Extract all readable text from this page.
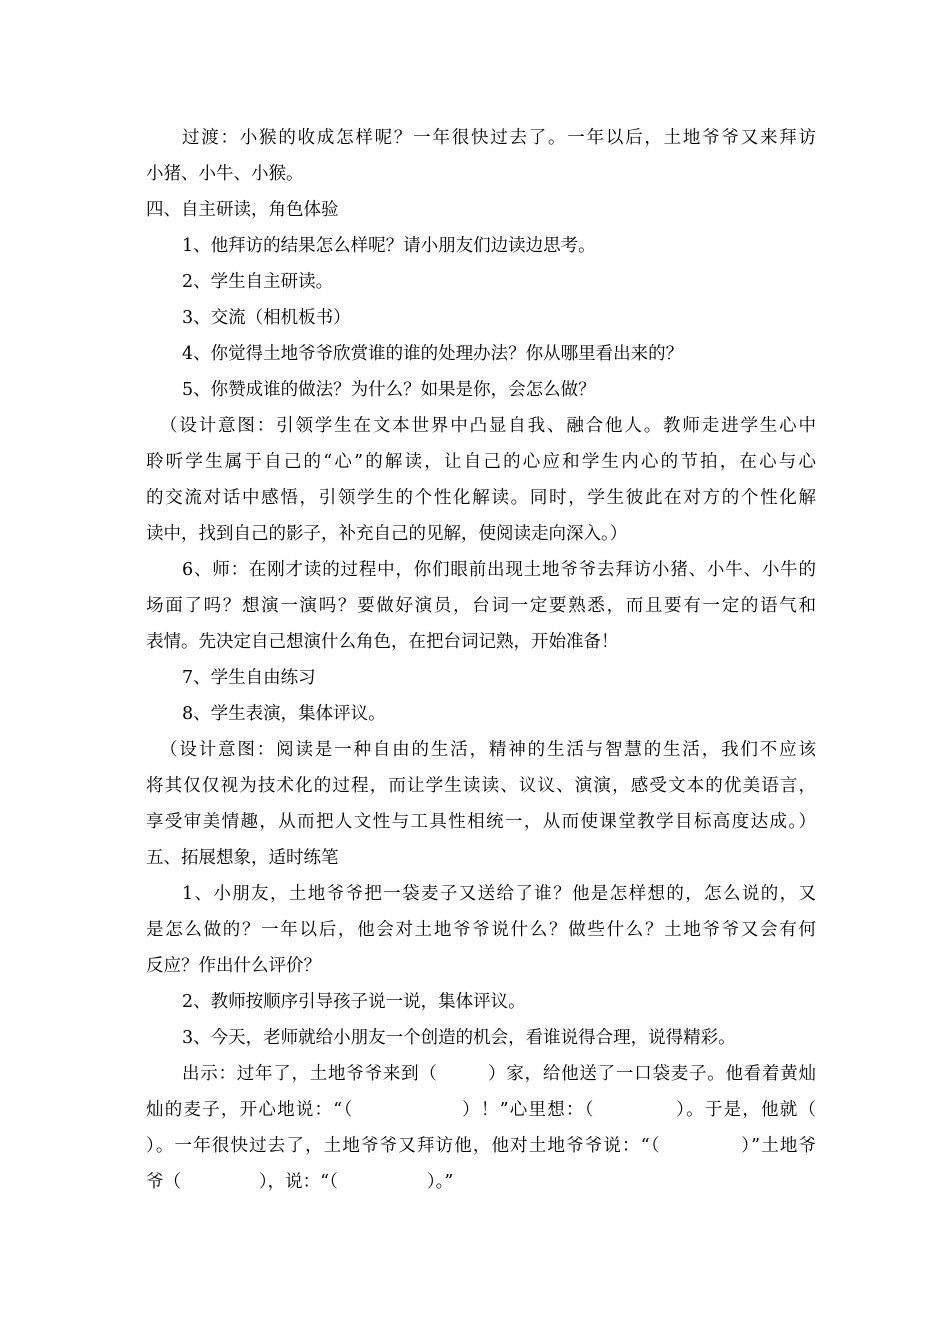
过渡：小猴的收成怎样呢？一年很快过去了。一年以后，土地爷爷又来拜访
小猪、小牛、小猴。
四、自主研读，角色体验
1、他拜访的结果怎么样呢？请小朋友们边读边思考。
2、学生自主研读。
3、交流（相机板书）
4、你觉得土地爷爷欣赏谁的谁的处理办法？你从哪里看出来的？
5、你赞成谁的做法？为什么？如果是你，会怎么做？
（设计意图：引领学生在文本世界中凸显自我、融合他人。教师走进学生心中
聆听学生属于自己的“心”的解读，让自己的心应和学生内心的节拍，在心与心
的交流对话中感悟，引领学生的个性化解读。同时，学生彼此在对方的个性化解
读中，找到自己的影子，补充自己的见解，使阅读走向深入。）
6、师：在刚才读的过程中，你们眼前出现土地爷爷去拜访小猪、小牛、小牛的
场面了吗？想演一演吗？要做好演员，台词一定要熟悉，而且要有一定的语气和
表情。先决定自己想演什么角色，在把台词记熟，开始准备！
7、学生自由练习
8、学生表演，集体评议。
（设计意图：阅读是一种自由的生活，精神的生活与智慧的生活，我们不应该
将其仅仅视为技术化的过程，而让学生读读、议议、演演，感受文本的优美语言，
享受审美情趣，从而把人文性与工具性相统一，从而使课堂教学目标高度达成。）
五、拓展想象，适时练笔
1、小朋友，土地爷爷把一袋麦子又送给了谁？他是怎样想的，怎么说的，又
是怎么做的？一年以后，他会对土地爷爷说什么？做些什么？土地爷爷又会有何
反应？作出什么评价？
2、教师按顺序引导孩子说一说，集体评议。
3、今天，老师就给小朋友一个创造的机会，看谁说得合理，说得精彩。
出示：过年了，土地爷爷来到（        ）家，给他送了一口袋麦子。他看着黄灿
灿的麦子，开心地说：“（                ）！”心里想：（            ）。于是，他就（
）。一年很快过去了，土地爷爷又拜访他，他对土地爷爷说：“（            ）”土地爷
爷（              ），说：“（                ）。”
